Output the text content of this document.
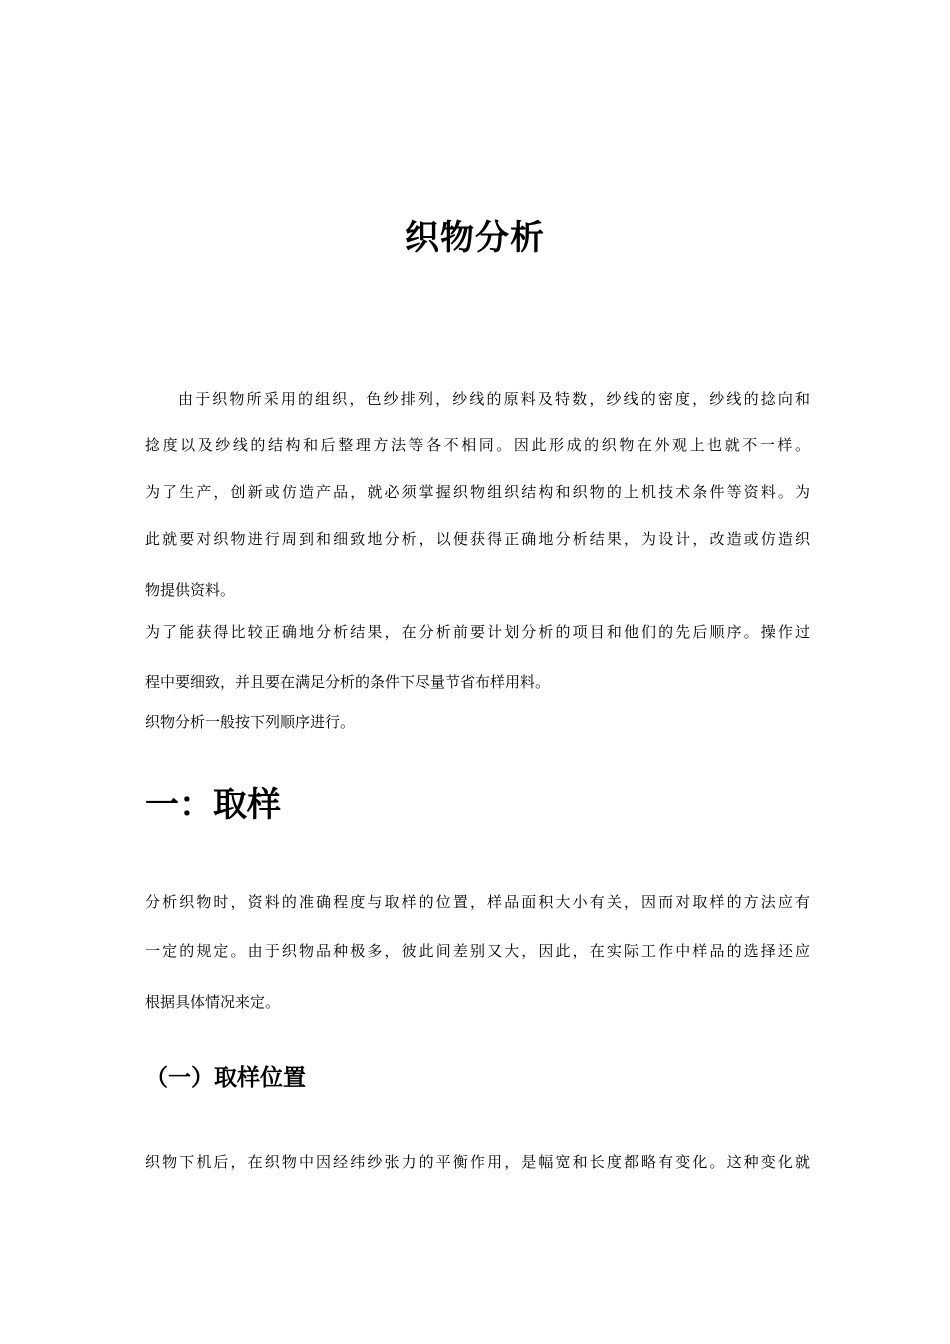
织物分析
由于织物所采用的组织，色纱排列，纱线的原料及特数，纱线的密度，纱线的捻向和
捻度以及纱线的结构和后整理方法等各不相同。因此形成的织物在外观上也就不一样。
为了生产，创新或仿造产品，就必须掌握织物组织结构和织物的上机技术条件等资料。为
此就要对织物进行周到和细致地分析，以便获得正确地分析结果，为设计，改造或仿造织
物提供资料。
为了能获得比较正确地分析结果，在分析前要计划分析的项目和他们的先后顺序。操作过
程中要细致，并且要在满足分析的条件下尽量节省布样用料。
织物分析一般按下列顺序进行。
一：取样
分析织物时，资料的准确程度与取样的位置，样品面积大小有关，因而对取样的方法应有
一定的规定。由于织物品种极多，彼此间差别又大，因此，在实际工作中样品的选择还应
根据具体情况来定。
（一）取样位置
织物下机后，在织物中因经纬纱张力的平衡作用，是幅宽和长度都略有变化。这种变化就
